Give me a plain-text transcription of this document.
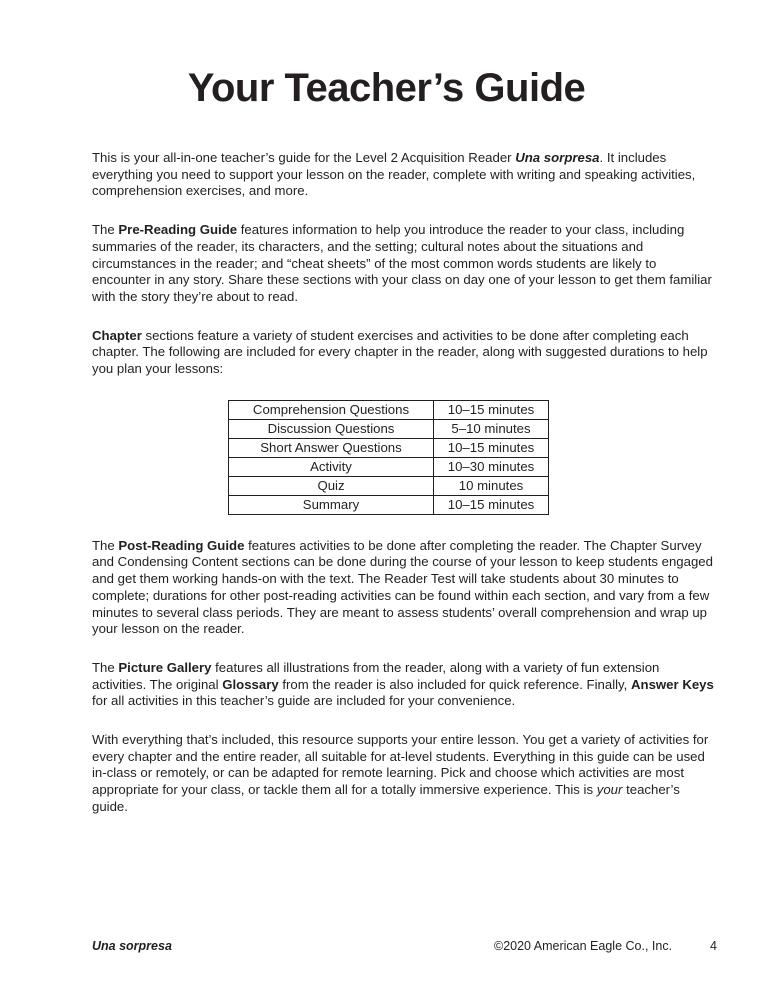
Your Teacher’s Guide

This is your all-in-one teacher’s guide for the Level 2 Acquisition Reader Una sorpresa. It includes everything you need to support your lesson on the reader, complete with writing and speaking activities, comprehension exercises, and more.

The Pre-Reading Guide features information to help you introduce the reader to your class, including summaries of the reader, its characters, and the setting; cultural notes about the situations and circumstances in the reader; and “cheat sheets” of the most common words students are likely to encounter in any story. Share these sections with your class on day one of your lesson to get them familiar with the story they’re about to read.

Chapter sections feature a variety of student exercises and activities to be done after completing each chapter. The following are included for every chapter in the reader, along with suggested durations to help you plan your lessons:

Comprehension Questions	10–15 minutes
Discussion Questions	5–10 minutes
Short Answer Questions	10–15 minutes
Activity	10–30 minutes
Quiz	10 minutes
Summary	10–15 minutes

The Post-Reading Guide features activities to be done after completing the reader. The Chapter Survey and Condensing Content sections can be done during the course of your lesson to keep students engaged and get them working hands-on with the text. The Reader Test will take students about 30 minutes to complete; durations for other post-reading activities can be found within each section, and vary from a few minutes to several class periods. They are meant to assess students’ overall comprehension and wrap up your lesson on the reader.

The Picture Gallery features all illustrations from the reader, along with a variety of fun extension activities. The original Glossary from the reader is also included for quick reference. Finally, Answer Keys for all activities in this teacher’s guide are included for your convenience.

With everything that’s included, this resource supports your entire lesson. You get a variety of activities for every chapter and the entire reader, all suitable for at-level students. Everything in this guide can be used in-class or remotely, or can be adapted for remote learning. Pick and choose which activities are most appropriate for your class, or tackle them all for a totally immersive experience. This is your teacher’s guide.

Una sorpresa	©2020 American Eagle Co., Inc.	4
